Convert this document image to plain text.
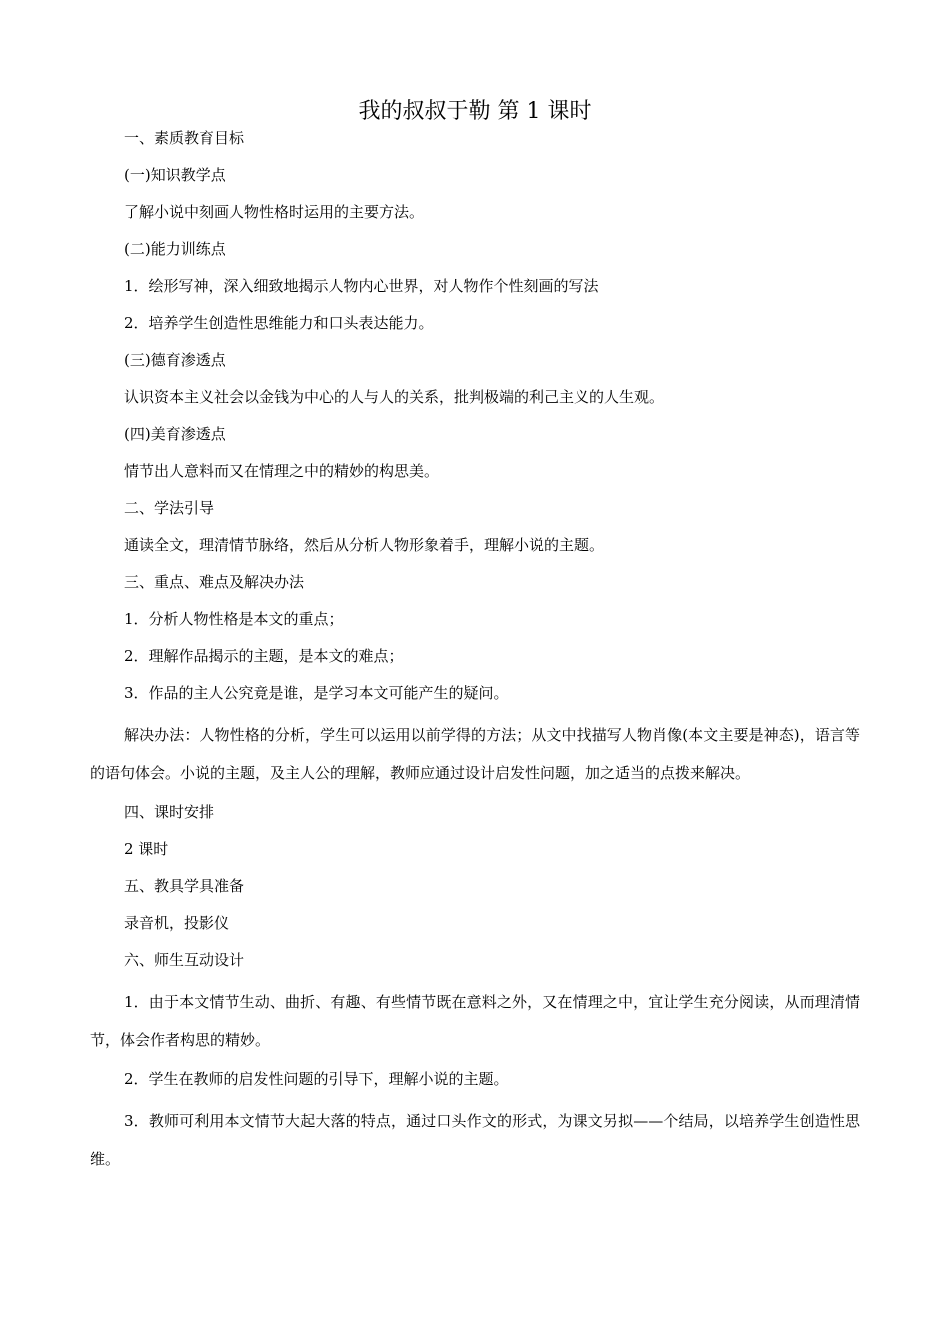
我的叔叔于勒 第 1 课时

一、素质教育目标

(一)知识教学点

了解小说中刻画人物性格时运用的主要方法。

(二)能力训练点

1．绘形写神，深入细致地揭示人物内心世界，对人物作个性刻画的写法

2．培养学生创造性思维能力和口头表达能力。

(三)德育渗透点

认识资本主义社会以金钱为中心的人与人的关系，批判极端的利己主义的人生观。

(四)美育渗透点

情节出人意料而又在情理之中的精妙的构思美。

二、学法引导

通读全文，理清情节脉络，然后从分析人物形象着手，理解小说的主题。

三、重点、难点及解决办法

1．分析人物性格是本文的重点；

2．理解作品揭示的主题，是本文的难点；

3．作品的主人公究竟是谁，是学习本文可能产生的疑问。

解决办法：人物性格的分析，学生可以运用以前学得的方法；从文中找描写人物肖像(本文主要是神态)，语言等的语句体会。小说的主题，及主人公的理解，教师应通过设计启发性问题，加之适当的点拨来解决。

四、课时安排

2 课时

五、教具学具准备

录音机，投影仪

六、师生互动设计

1．由于本文情节生动、曲折、有趣、有些情节既在意料之外，又在情理之中，宜让学生充分阅读，从而理清情节，体会作者构思的精妙。

2．学生在教师的启发性问题的引导下，理解小说的主题。

3．教师可利用本文情节大起大落的特点，通过口头作文的形式，为课文另拟——个结局，以培养学生创造性思维。
